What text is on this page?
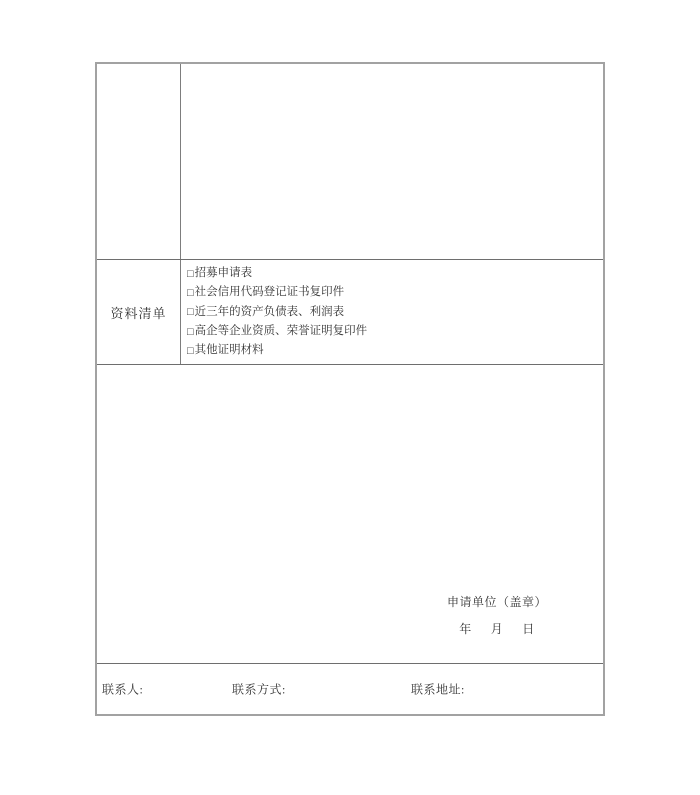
资料清单
□ 招募申请表
□ 社会信用代码登记证书复印件
□ 近三年的资产负债表、利润表
□ 高企等企业资质、荣誉证明复印件
□ 其他证明材料
申请单位（盖章）
年 月 日
联系人:	联系方式:	联系地址:
